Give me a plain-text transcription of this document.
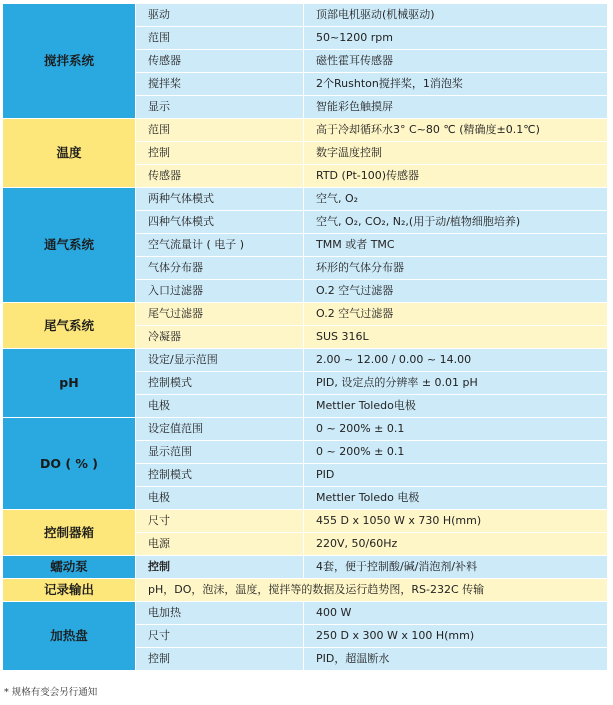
搅拌系统	驱动	顶部电机驱动(机械驱动)
	范围	50~1200 rpm
	传感器	磁性霍耳传感器
	搅拌桨	2个Rushton搅拌桨，1消泡桨
	显示	智能彩色触摸屏
温度	范围	高于冷却循环水3° C~80 ℃ (精确度±0.1℃)
	控制	数字温度控制
	传感器	RTD (Pt-100)传感器
通气系统	两种气体模式	空气, O₂
	四种气体模式	空气, O₂, CO₂, N₂,(用于动/植物细胞培养)
	空气流量计 ( 电子 )	TMM 或者 TMC
	气体分布器	环形的气体分布器
	入口过滤器	O.2 空气过滤器
尾气系统	尾气过滤器	O.2 空气过滤器
	冷凝器	SUS 316L
pH	设定/显示范围	2.00 ~ 12.00 / 0.00 ~ 14.00
	控制模式	PID, 设定点的分辨率 ± 0.01 pH
	电极	Mettler Toledo电极
DO ( % )	设定值范围	0 ~ 200% ± 0.1
	显示范围	0 ~ 200% ± 0.1
	控制模式	PID
	电极	Mettler Toledo 电极
控制器箱	尺寸	455 D x 1050 W x 730 H(mm)
	电源	220V, 50/60Hz
蠕动泵	控制	4套，便于控制酸/碱/消泡剂/补料
记录输出	pH，DO，泡沫，温度，搅拌等的数据及运行趋势图，RS-232C 传输	
加热盘	电加热	400 W
	尺寸	250 D x 300 W x 100 H(mm)
	控制	PID，超温断水
* 规格有变会另行通知
